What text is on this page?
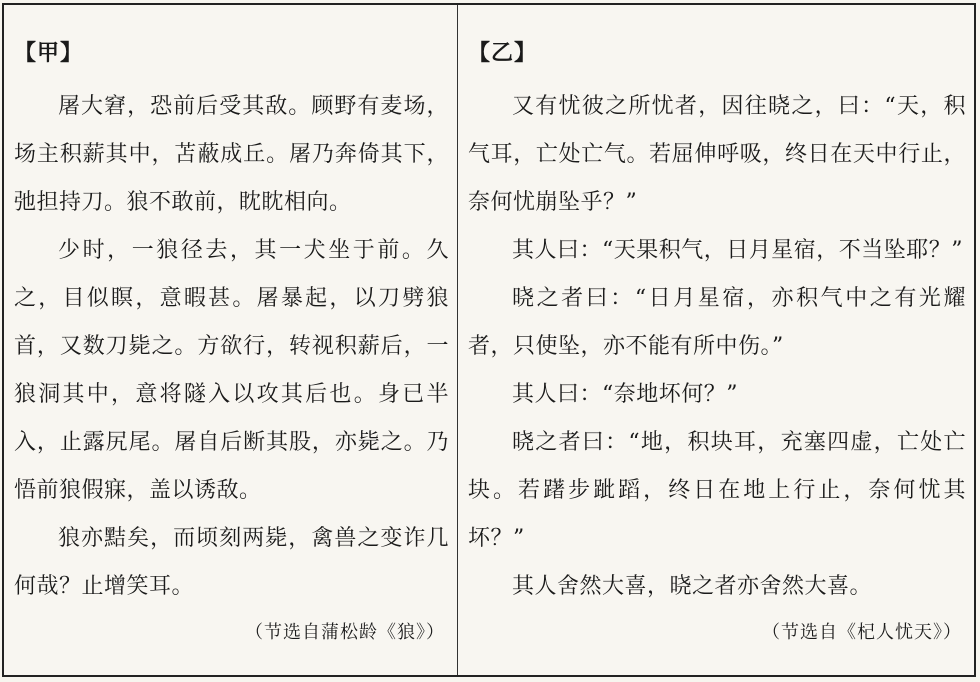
【甲】

屠大窘，恐前后受其敌。顾野有麦场，场主积薪其中，苫蔽成丘。屠乃奔倚其下，弛担持刀。狼不敢前，眈眈相向。

少时，一狼径去，其一犬坐于前。久之，目似瞑，意暇甚。屠暴起，以刀劈狼首，又数刀毙之。方欲行，转视积薪后，一狼洞其中，意将隧入以攻其后也。身已半入，止露尻尾。屠自后断其股，亦毙之。乃悟前狼假寐，盖以诱敌。

狼亦黠矣，而顷刻两毙，禽兽之变诈几何哉？止增笑耳。

（节选自蒲松龄《狼》）
【乙】

又有忧彼之所忧者，因往晓之，曰：“天，积气耳，亡处亡气。若屈伸呼吸，终日在天中行止，奈何忧崩坠乎？”

其人曰：“天果积气，日月星宿，不当坠耶？”

晓之者曰：“日月星宿，亦积气中之有光耀者，只使坠，亦不能有所中伤。”

其人曰：“奈地坏何？”

晓之者曰：“地，积块耳，充塞四虚，亡处亡块。若躇步跐蹈，终日在地上行止，奈何忧其坏？”

其人舍然大喜，晓之者亦舍然大喜。

（节选自《杞人忧天》）
